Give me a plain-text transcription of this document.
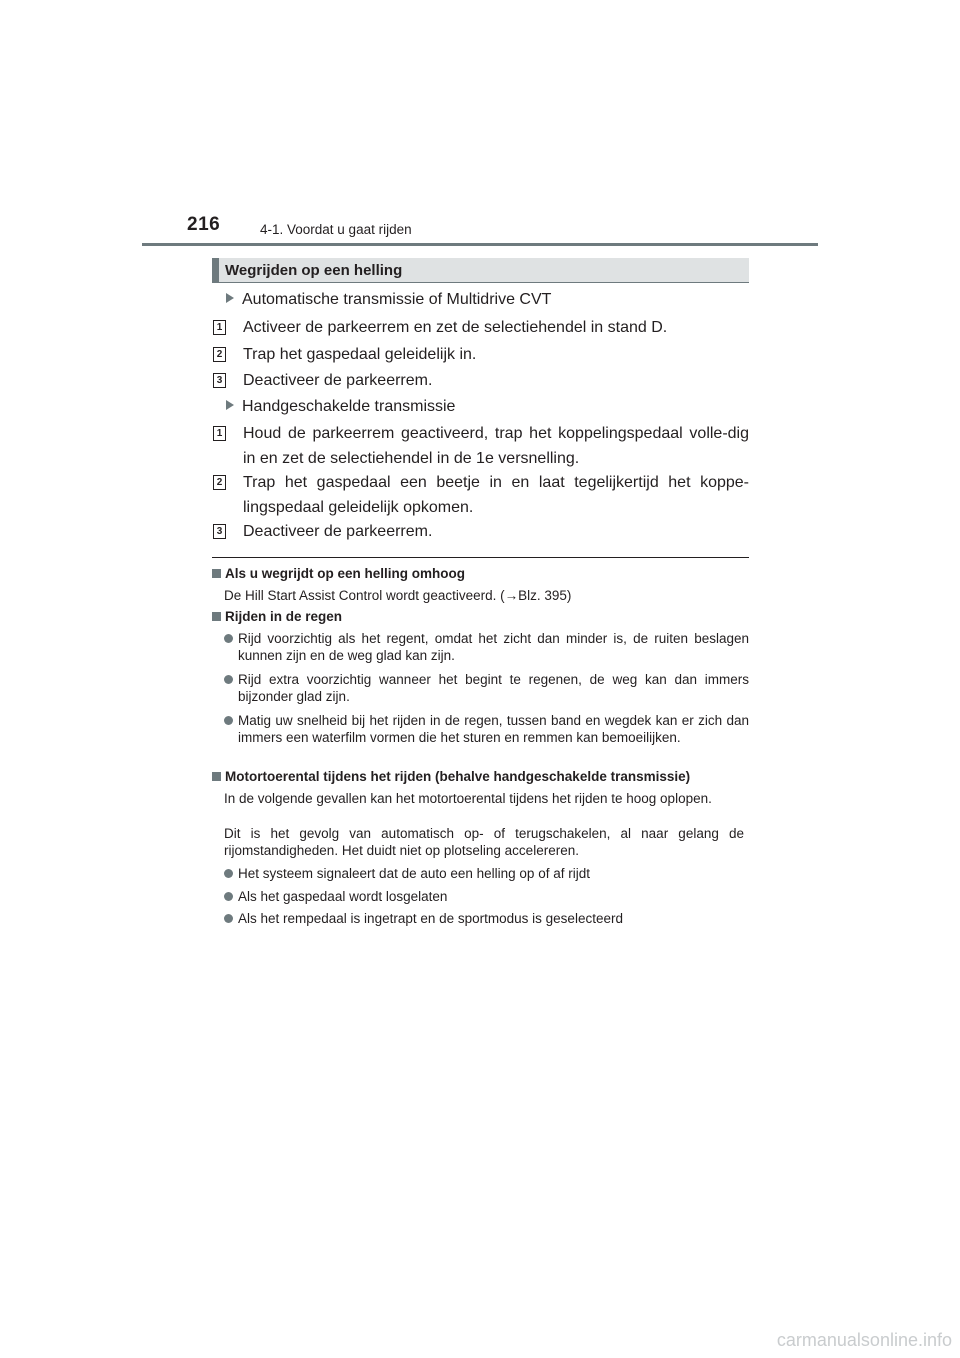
216	4-1. Voordat u gaat rijden
Wegrijden op een helling
Automatische transmissie of Multidrive CVT
1 Activeer de parkeerrem en zet de selectiehendel in stand D.
2 Trap het gaspedaal geleidelijk in.
3 Deactiveer de parkeerrem.
Handgeschakelde transmissie
1 Houd de parkeerrem geactiveerd, trap het koppelingspedaal volle-dig in en zet de selectiehendel in de 1e versnelling.
2 Trap het gaspedaal een beetje in en laat tegelijkertijd het koppe-lingspedaal geleidelijk opkomen.
3 Deactiveer de parkeerrem.
Als u wegrijdt op een helling omhoog
De Hill Start Assist Control wordt geactiveerd. (→Blz. 395)
Rijden in de regen
Rijd voorzichtig als het regent, omdat het zicht dan minder is, de ruiten beslagen kunnen zijn en de weg glad kan zijn.
Rijd extra voorzichtig wanneer het begint te regenen, de weg kan dan immers bijzonder glad zijn.
Matig uw snelheid bij het rijden in de regen, tussen band en wegdek kan er zich dan immers een waterfilm vormen die het sturen en remmen kan bemoeilijken.
Motortoerental tijdens het rijden (behalve handgeschakelde transmissie)
In de volgende gevallen kan het motortoerental tijdens het rijden te hoog oplopen.
Dit is het gevolg van automatisch op- of terugschakelen, al naar gelang de rijomstandigheden. Het duidt niet op plotseling accelereren.
Het systeem signaleert dat de auto een helling op of af rijdt
Als het gaspedaal wordt losgelaten
Als het rempedaal is ingetrapt en de sportmodus is geselecteerd
carmanualsonline.info
